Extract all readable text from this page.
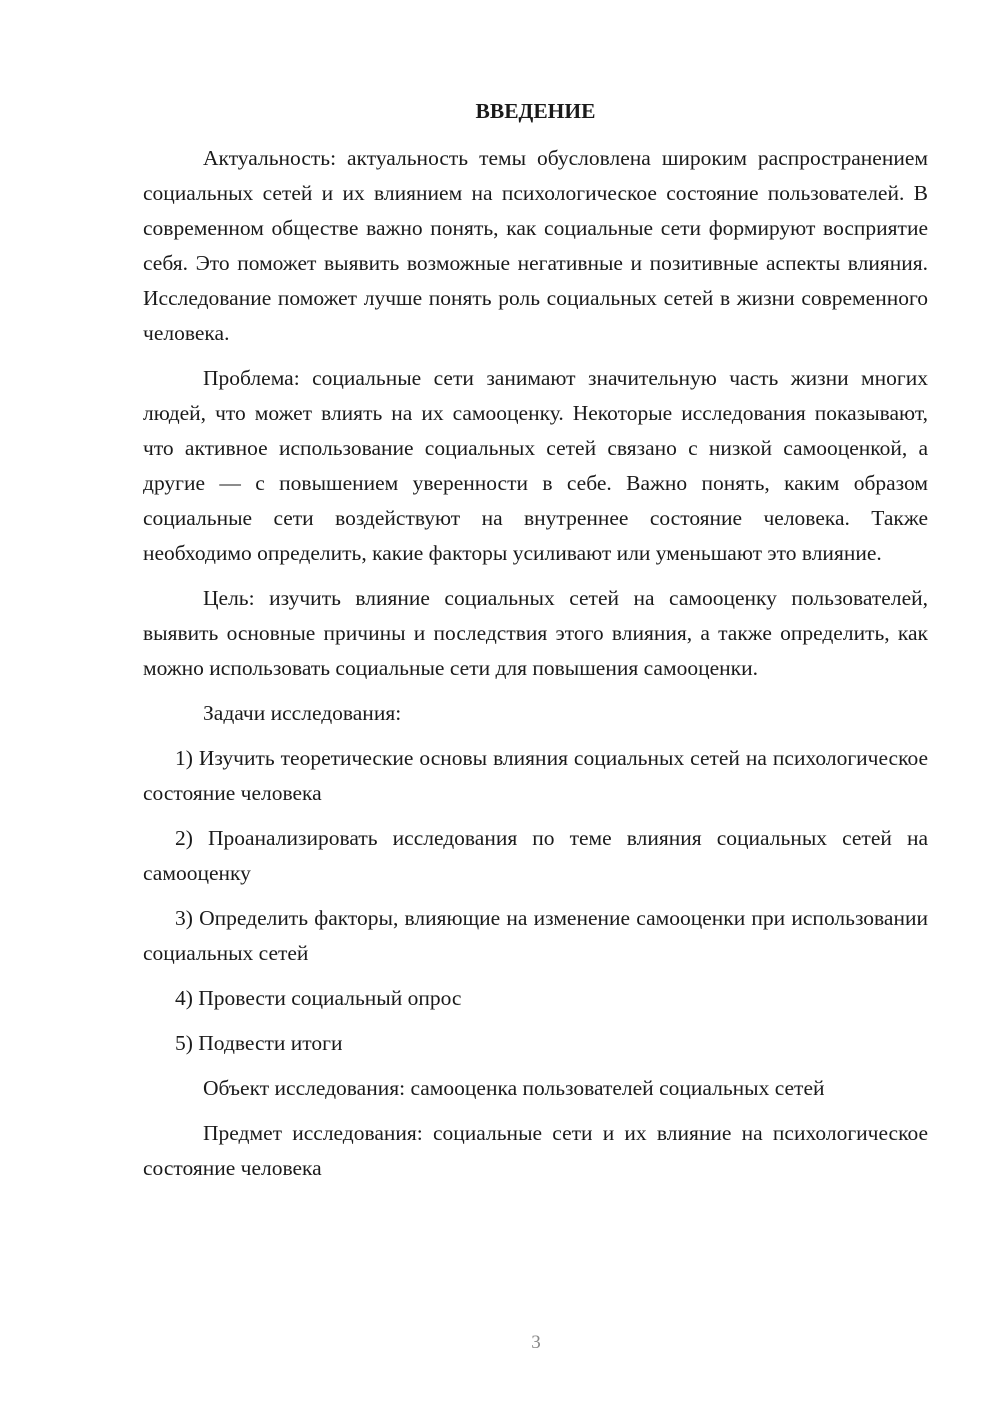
ВВЕДЕНИЕ

Актуальность: актуальность темы обусловлена широким распространением социальных сетей и их влиянием на психологическое состояние пользователей. В современном обществе важно понять, как социальные сети формируют восприятие себя. Это поможет выявить возможные негативные и позитивные аспекты влияния. Исследование поможет лучше понять роль социальных сетей в жизни современного человека.

Проблема: социальные сети занимают значительную часть жизни многих людей, что может влиять на их самооценку. Некоторые исследования показывают, что активное использование социальных сетей связано с низкой самооценкой, а другие — с повышением уверенности в себе. Важно понять, каким образом социальные сети воздействуют на внутреннее состояние человека. Также необходимо определить, какие факторы усиливают или уменьшают это влияние.

Цель: изучить влияние социальных сетей на самооценку пользователей, выявить основные причины и последствия этого влияния, а также определить, как можно использовать социальные сети для повышения самооценки.

Задачи исследования:

1) Изучить теоретические основы влияния социальных сетей на психологическое состояние человека

2) Проанализировать исследования по теме влияния социальных сетей на самооценку

3) Определить факторы, влияющие на изменение самооценки при использовании социальных сетей

4) Провести социальный опрос

5) Подвести итоги

Объект исследования: самооценка пользователей социальных сетей

Предмет исследования: социальные сети и их влияние на психологическое состояние человека

3
